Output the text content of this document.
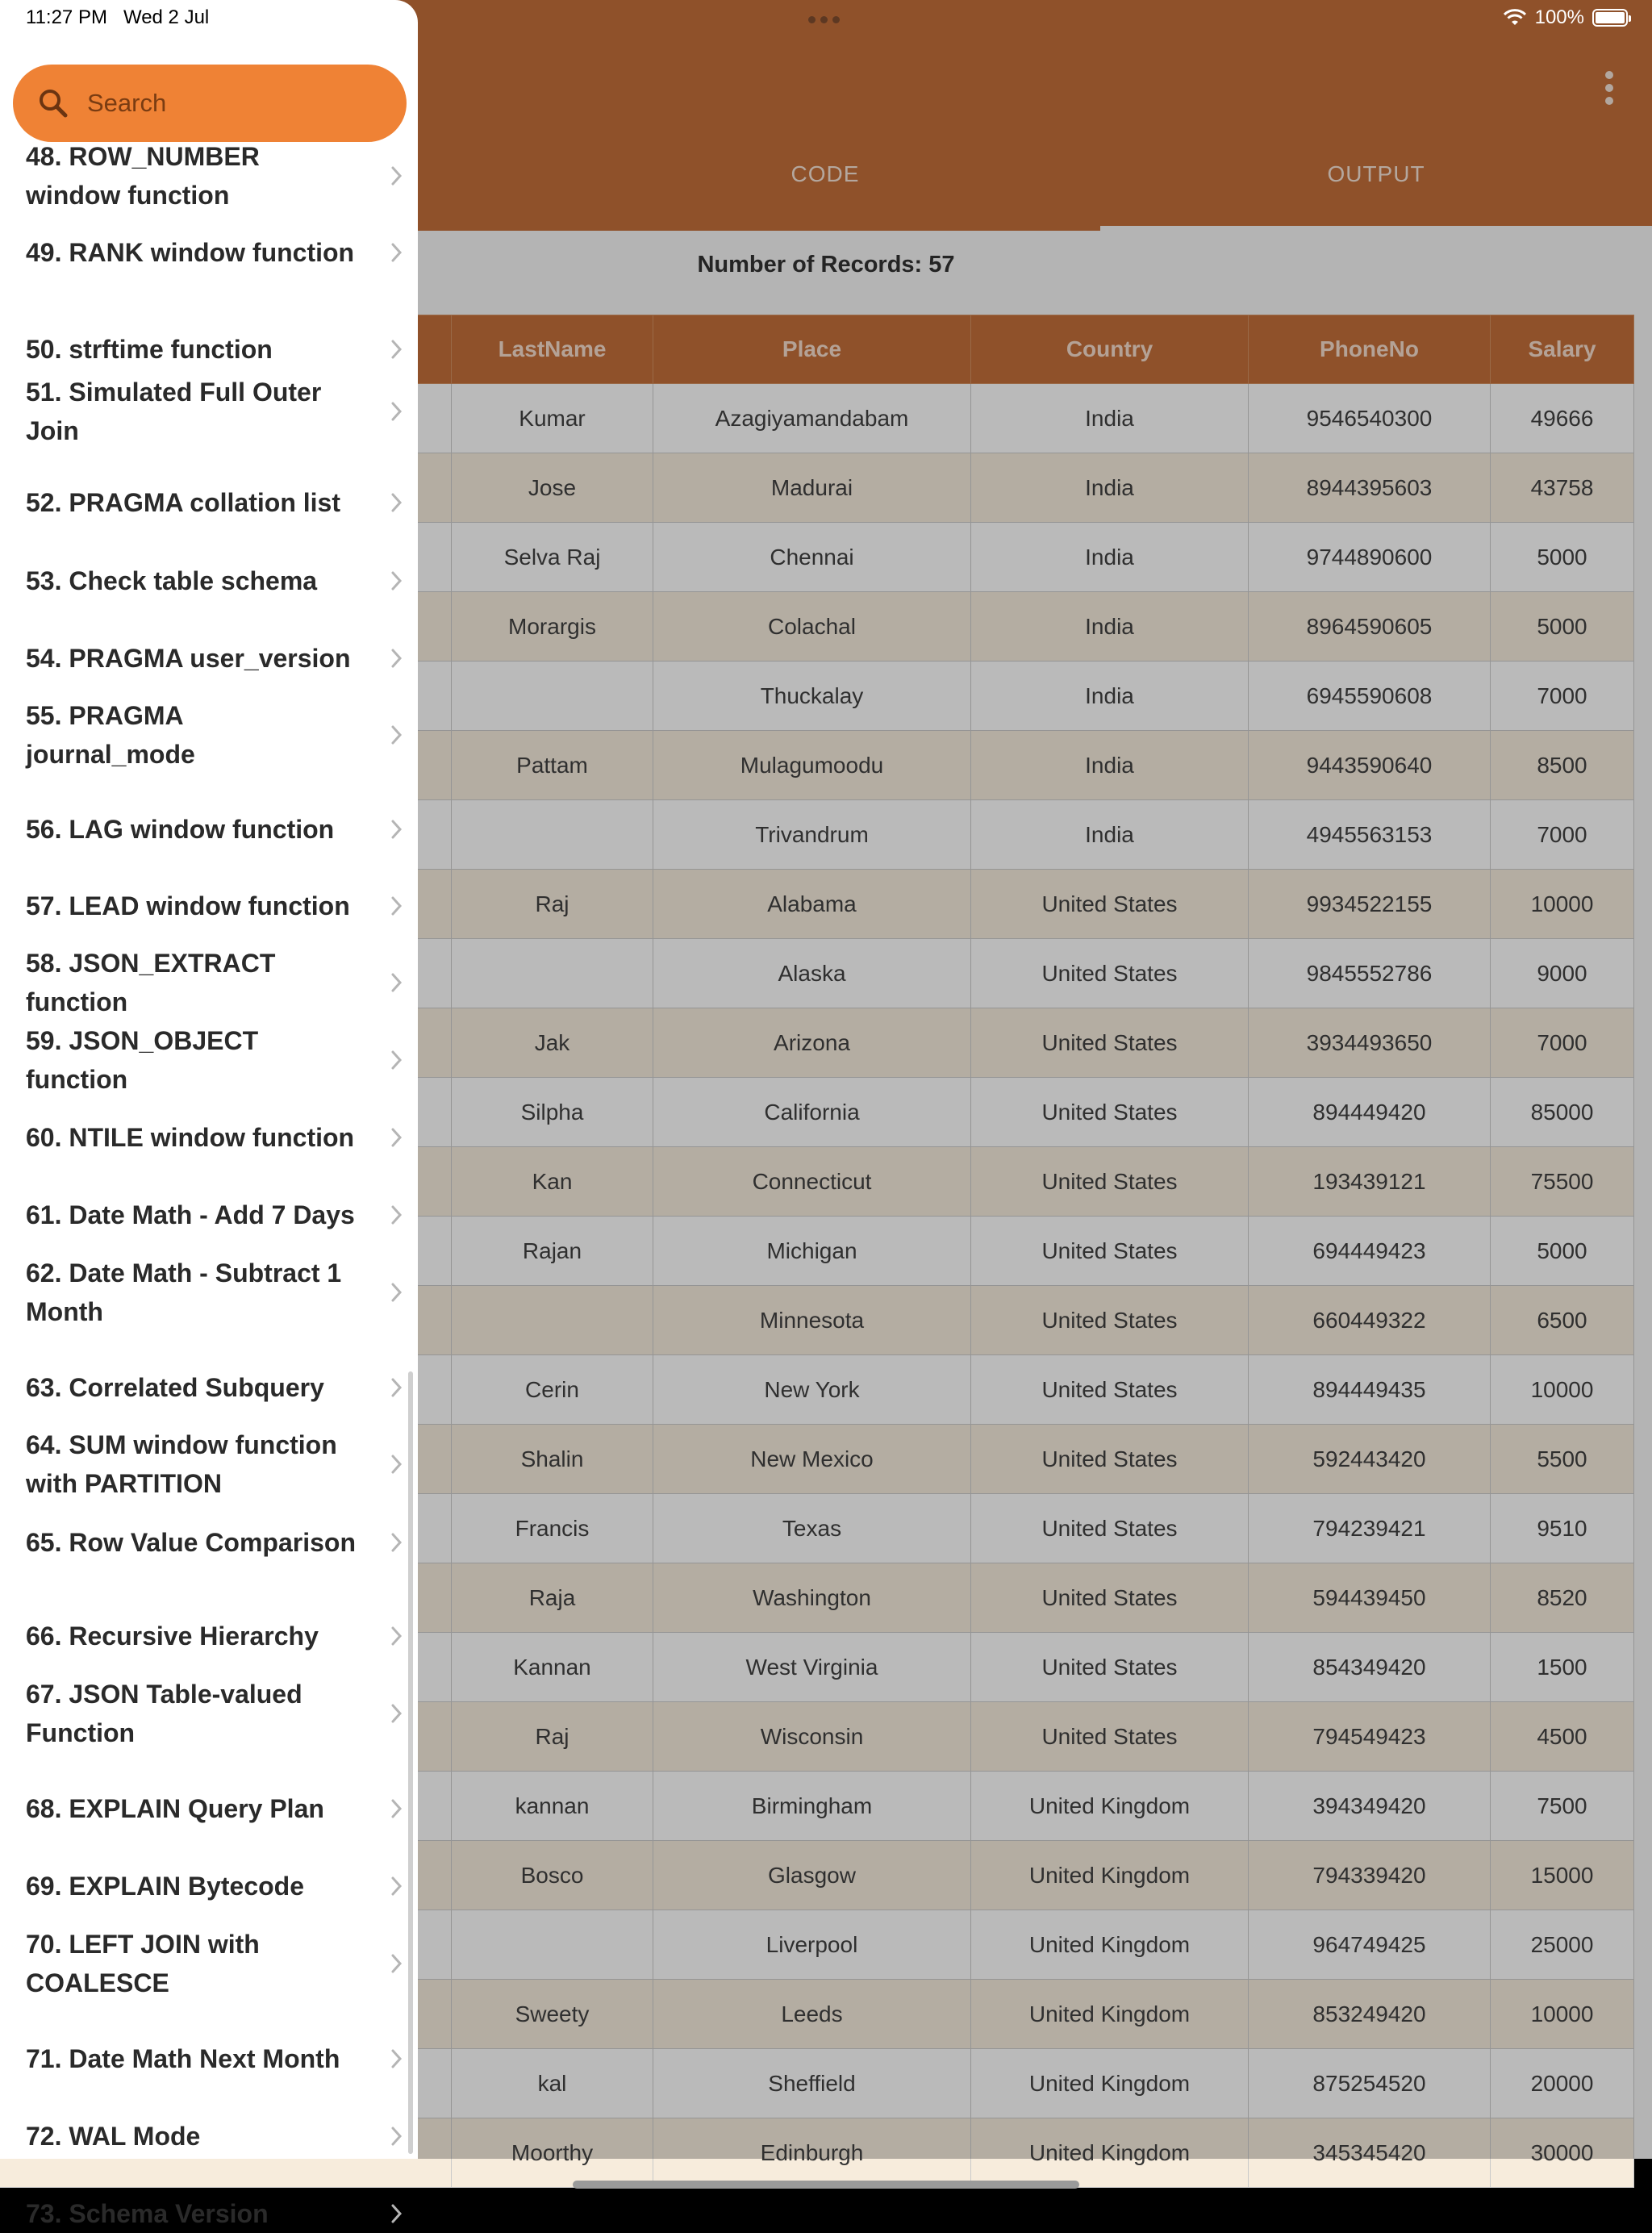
CODE	OUTPUT
Number of Records: 57
	LastName	Place	Country	PhoneNo	Salary
	Kumar	Azagiyamandabam	India	9546540300	49666
	Jose	Madurai	India	8944395603	43758
	Selva Raj	Chennai	India	9744890600	5000
	Morargis	Colachal	India	8964590605	5000
		Thuckalay	India	6945590608	7000
	Pattam	Mulagumoodu	India	9443590640	8500
		Trivandrum	India	4945563153	7000
	Raj	Alabama	United States	9934522155	10000
		Alaska	United States	9845552786	9000
	Jak	Arizona	United States	3934493650	7000
	Silpha	California	United States	894449420	85000
	Kan	Connecticut	United States	193439121	75500
	Rajan	Michigan	United States	694449423	5000
		Minnesota	United States	660449322	6500
	Cerin	New York	United States	894449435	10000
	Shalin	New Mexico	United States	592443420	5500
	Francis	Texas	United States	794239421	9510
	Raja	Washington	United States	594439450	8520
	Kannan	West Virginia	United States	854349420	1500
	Raj	Wisconsin	United States	794549423	4500
	kannan	Birmingham	United Kingdom	394349420	7500
	Bosco	Glasgow	United Kingdom	794339420	15000
		Liverpool	United Kingdom	964749425	25000
	Sweety	Leeds	United Kingdom	853249420	10000
	kal	Sheffield	United Kingdom	875254520	20000
	Moorthy	Edinburgh	United Kingdom	345345420	30000
100%
11:27 PM Wed 2 Jul
Search
48. ROW_NUMBER window function
49. RANK window function
50. strftime function
51. Simulated Full Outer Join
52. PRAGMA collation list
53. Check table schema
54. PRAGMA user_version
55. PRAGMA journal_mode
56. LAG window function
57. LEAD window function
58. JSON_EXTRACT function
59. JSON_OBJECT function
60. NTILE window function
61. Date Math - Add 7 Days
62. Date Math - Subtract 1 Month
63. Correlated Subquery
64. SUM window function with PARTITION
65. Row Value Comparison
66. Recursive Hierarchy
67. JSON Table-valued Function
68. EXPLAIN Query Plan
69. EXPLAIN Bytecode
70. LEFT JOIN with COALESCE
71. Date Math Next Month
72. WAL Mode
73. Schema Version
